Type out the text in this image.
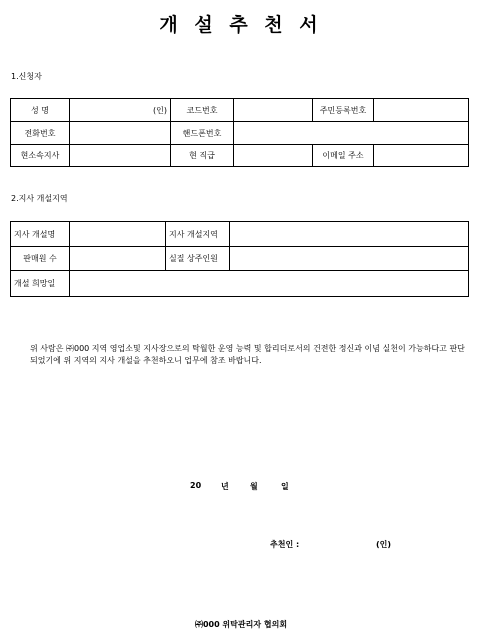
개 설 추 천 서
1.신청자
성 명	(인)	코드번호		주민등록번호	
전화번호		핸드폰번호			
현소속지사		현 직급		이메일 주소	
2.지사 개설지역
지사 개설명		지사 개설지역	
판매원 수		실질 상주인원	
개설 희망일			
위 사람은 ㈜000 지역 영업소및 지사장으로의 탁월한 운영 능력 및 합리더로서의 건전한 정신과 이념 실천이 가능하다고 판단되었기에 위 지역의 지사 개설을 추천하오니 업무에 참조 바랍니다.
20 년	월	일
추천인 :	(인)
㈜000 위탁관리자 협의회
